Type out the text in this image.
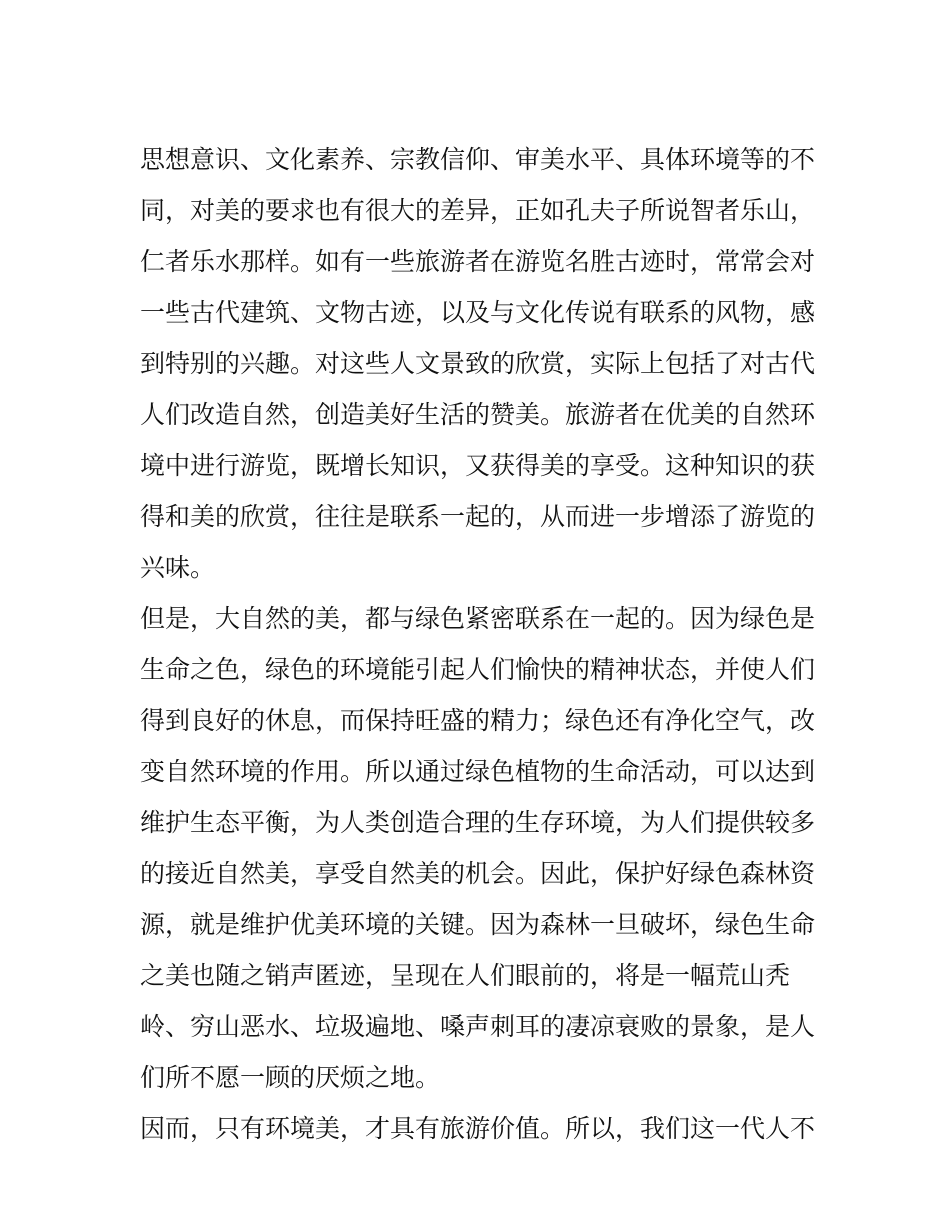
思想意识、文化素养、宗教信仰、审美水平、具体环境等的不
同，对美的要求也有很大的差异，正如孔夫子所说智者乐山，
仁者乐水那样。如有一些旅游者在游览名胜古迹时，常常会对
一些古代建筑、文物古迹，以及与文化传说有联系的风物，感
到特别的兴趣。对这些人文景致的欣赏，实际上包括了对古代
人们改造自然，创造美好生活的赞美。旅游者在优美的自然环
境中进行游览，既增长知识，又获得美的享受。这种知识的获
得和美的欣赏，往往是联系一起的，从而进一步增添了游览的
兴味。
但是，大自然的美，都与绿色紧密联系在一起的。因为绿色是
生命之色，绿色的环境能引起人们愉快的精神状态，并使人们
得到良好的休息，而保持旺盛的精力；绿色还有净化空气，改
变自然环境的作用。所以通过绿色植物的生命活动，可以达到
维护生态平衡，为人类创造合理的生存环境，为人们提供较多
的接近自然美，享受自然美的机会。因此，保护好绿色森林资
源，就是维护优美环境的关键。因为森林一旦破坏，绿色生命
之美也随之销声匿迹，呈现在人们眼前的，将是一幅荒山秃
岭、穷山恶水、垃圾遍地、嗓声刺耳的凄凉衰败的景象，是人
们所不愿一顾的厌烦之地。
因而，只有环境美，才具有旅游价值。所以，我们这一代人不
